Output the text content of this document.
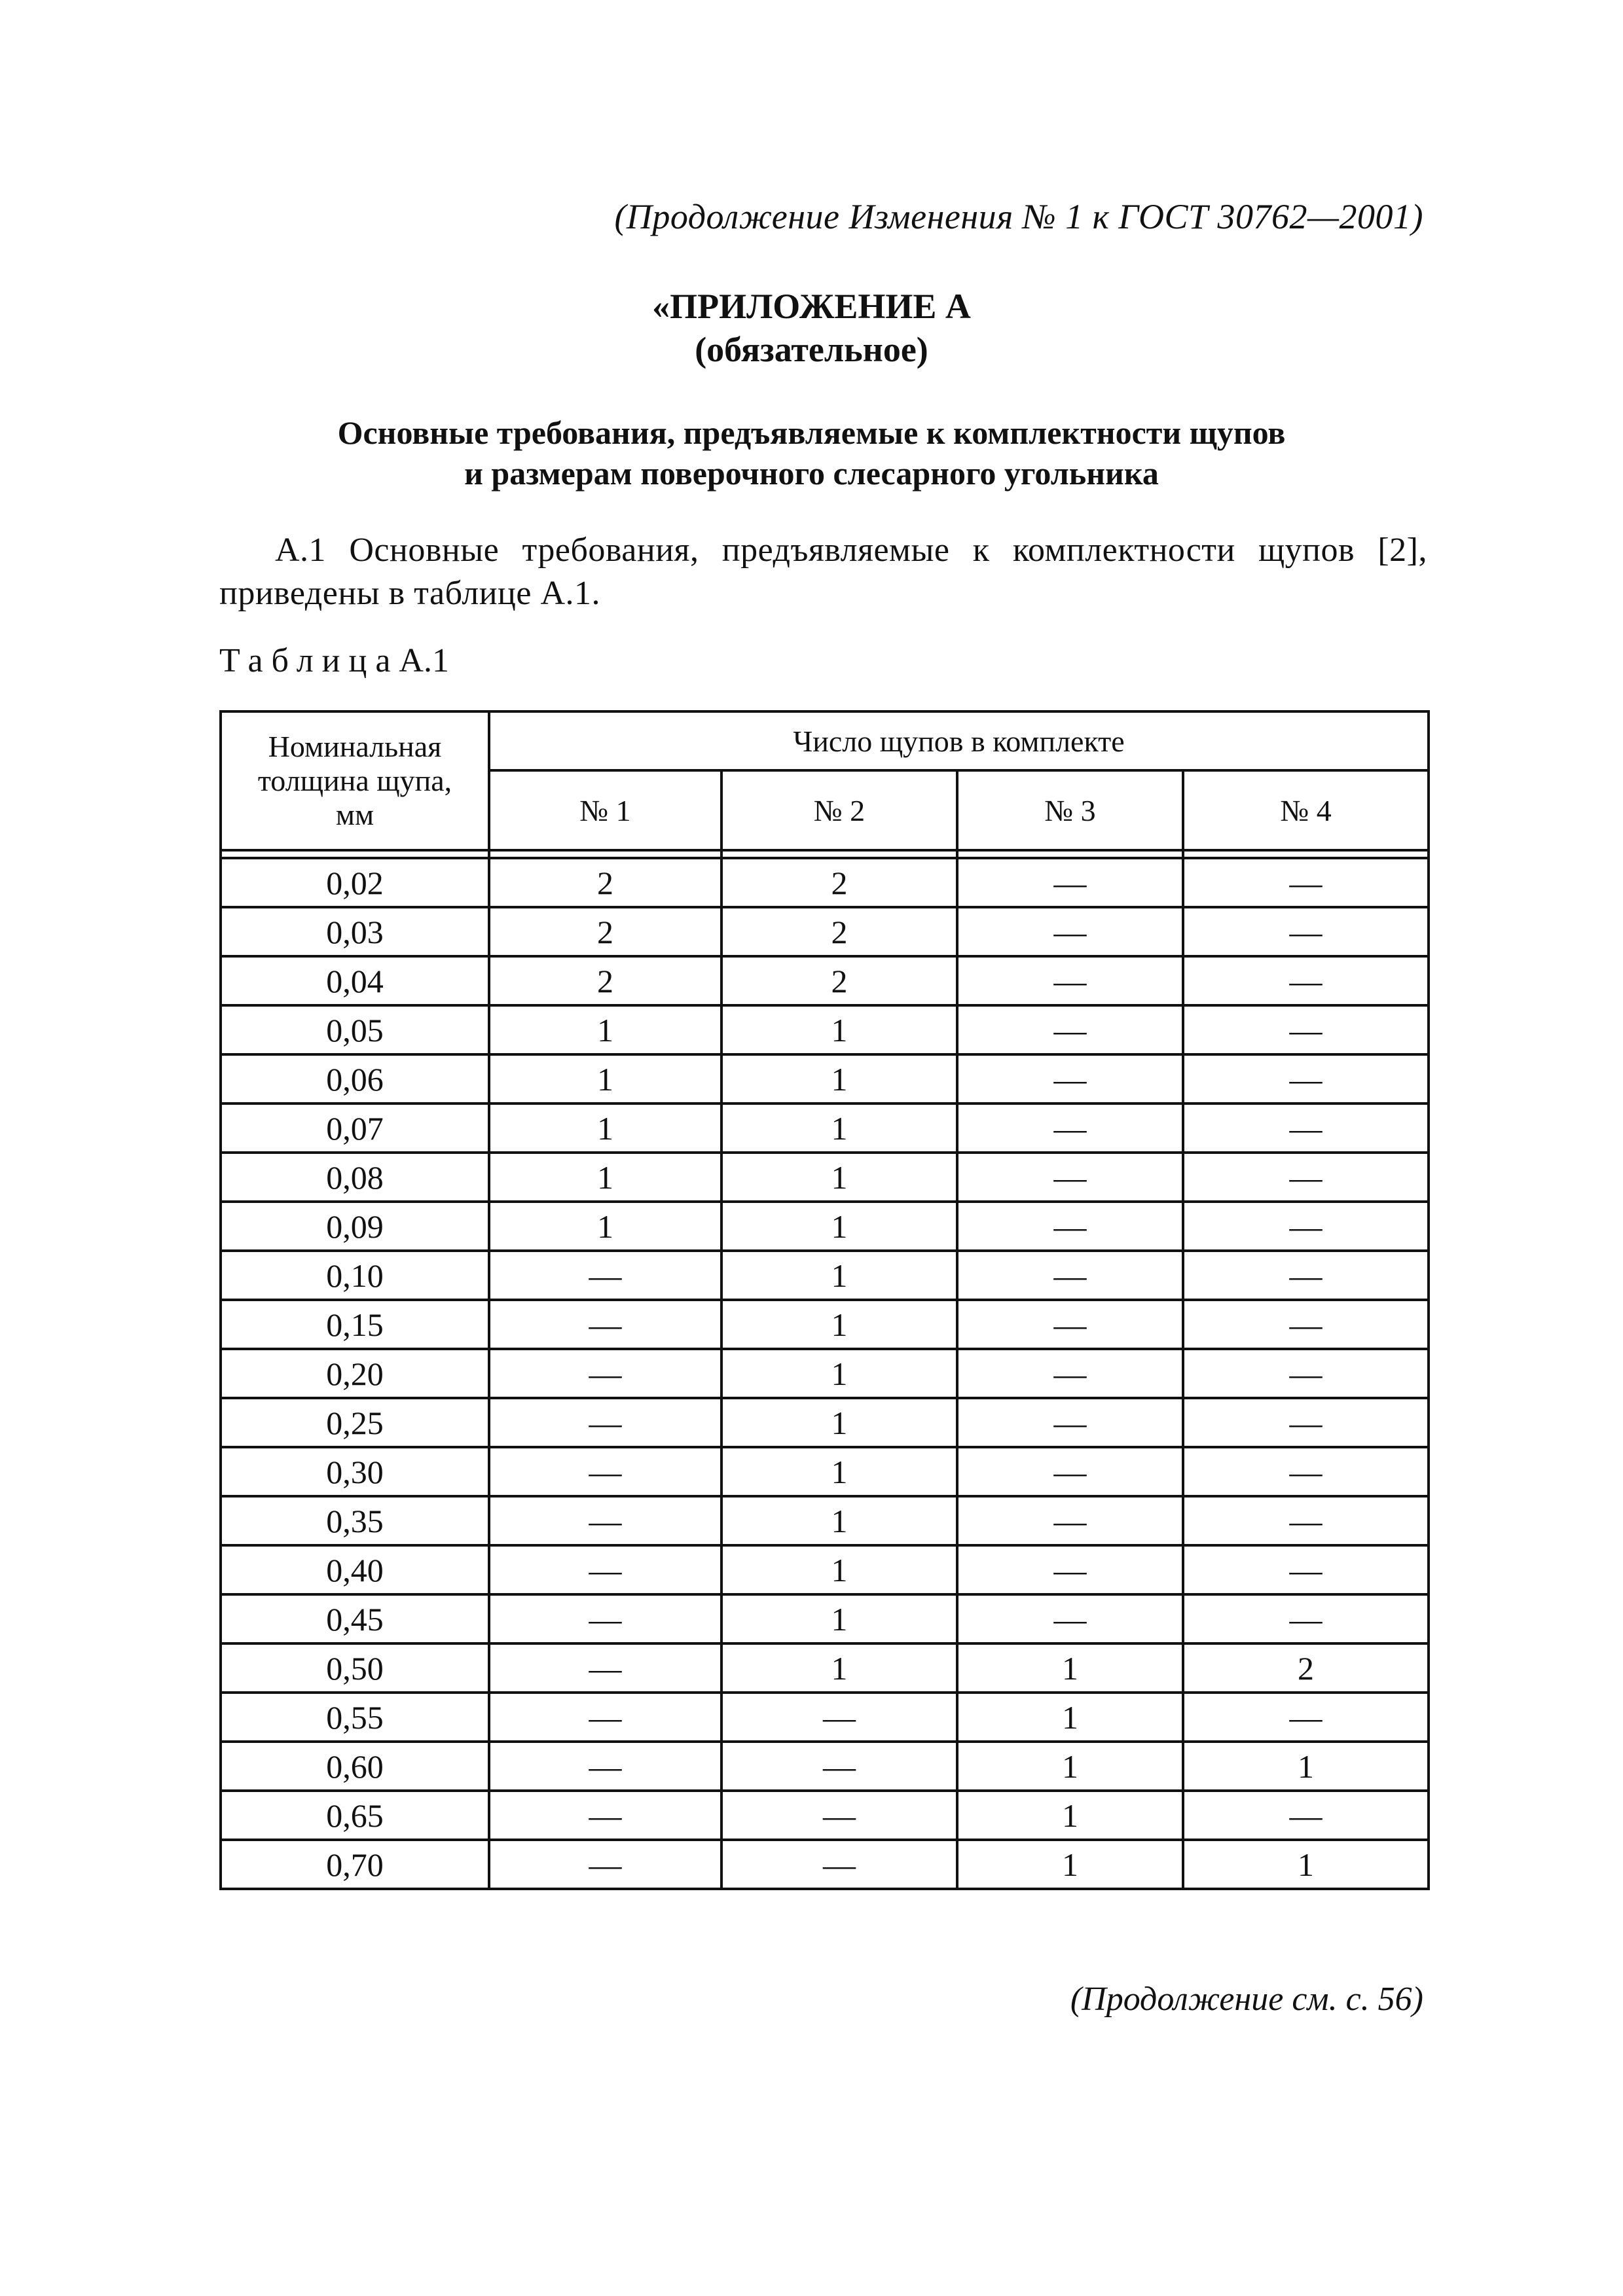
(Продолжение Изменения № 1 к ГОСТ 30762—2001)
«ПРИЛОЖЕНИЕ А
(обязательное)
Основные требования, предъявляемые к комплектности щупов
и размерам поверочного слесарного угольника
А.1 Основные требования, предъявляемые к комплектности щупов [2], приведены в таблице А.1.
ТаблицаА.1
Номинальная
толщина щупа,
мм	Число щупов в комплекте			
	№ 1	№ 2	№ 3	№ 4

0,02	2	2	—	—
0,03	2	2	—	—
0,04	2	2	—	—
0,05	1	1	—	—
0,06	1	1	—	—
0,07	1	1	—	—
0,08	1	1	—	—
0,09	1	1	—	—
0,10	—	1	—	—
0,15	—	1	—	—
0,20	—	1	—	—
0,25	—	1	—	—
0,30	—	1	—	—
0,35	—	1	—	—
0,40	—	1	—	—
0,45	—	1	—	—
0,50	—	1	1	2
0,55	—	—	1	—
0,60	—	—	1	1
0,65	—	—	1	—
0,70	—	—	1	1
(Продолжение см. с. 56)
